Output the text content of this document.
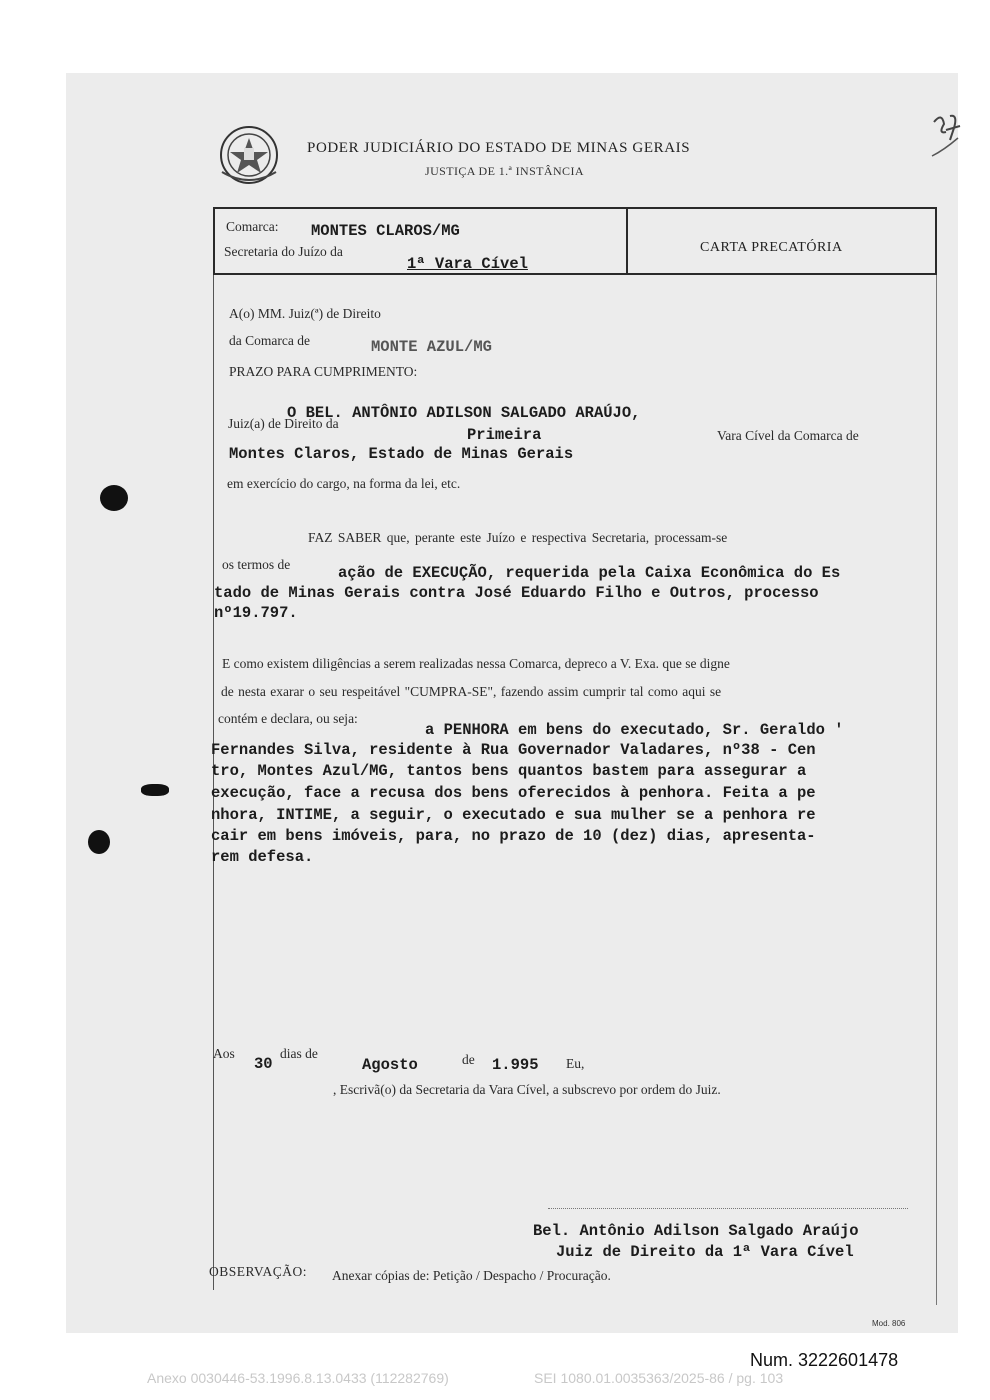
PODER JUDICIÁRIO DO ESTADO DE MINAS GERAIS
JUSTIÇA DE 1.ª INSTÂNCIA
Comarca: MONTES CLAROS/MG
Secretaria do Juízo da
1ª Vara Cível
CARTA PRECATÓRIA
A(o) MM. Juiz(ª) de Direito
da Comarca de	MONTE AZUL/MG
PRAZO PARA CUMPRIMENTO:
O BEL. ANTÔNIO ADILSON SALGADO ARAÚJO,
Juiz(a) de Direito da
Primeira	Vara Cível da Comarca de
Montes Claros, Estado de Minas Gerais
em exercício do cargo, na forma da lei, etc.
FAZ SABER que, perante este Juízo e respectiva Secretaria, processam-se
os termos de	ação de EXECUÇÃO, requerida pela Caixa Econômica do Es
tado de Minas Gerais contra José Eduardo Filho e Outros, processo
nº19.797.
E como existem diligências a serem realizadas nessa Comarca, depreco a V. Exa. que se digne
de nesta exarar o seu respeitável "CUMPRA-SE", fazendo assim cumprir tal como aqui se
contém e declara, ou seja:
a PENHORA em bens do executado, Sr. Geraldo '
Fernandes Silva, residente à Rua Governador Valadares, nº38 - Cen
tro, Montes Azul/MG, tantos bens quantos bastem para assegurar a
execução, face a recusa dos bens oferecidos à penhora. Feita a pe
nhora, INTIME, a seguir, o executado e sua mulher se a penhora re
cair em bens imóveis, para, no prazo de 10 (dez) dias, apresenta-
rem defesa.
Aos
30
dias de
Agosto	de 1.995 Eu,
, Escrivã(o) da Secretaria da Vara Cível, a subscrevo por ordem do Juiz.
Bel. Antônio Adilson Salgado Araújo
Juiz de Direito da 1ª Vara Cível
OBSERVAÇÃO: Anexar cópias de: Petição / Despacho / Procuração.
Mod. 806
Num. 3222601478
Anexo 0030446-53.1996.8.13.0433 (112282769)	SEI 1080.01.0035363/2025-86 / pg. 103
